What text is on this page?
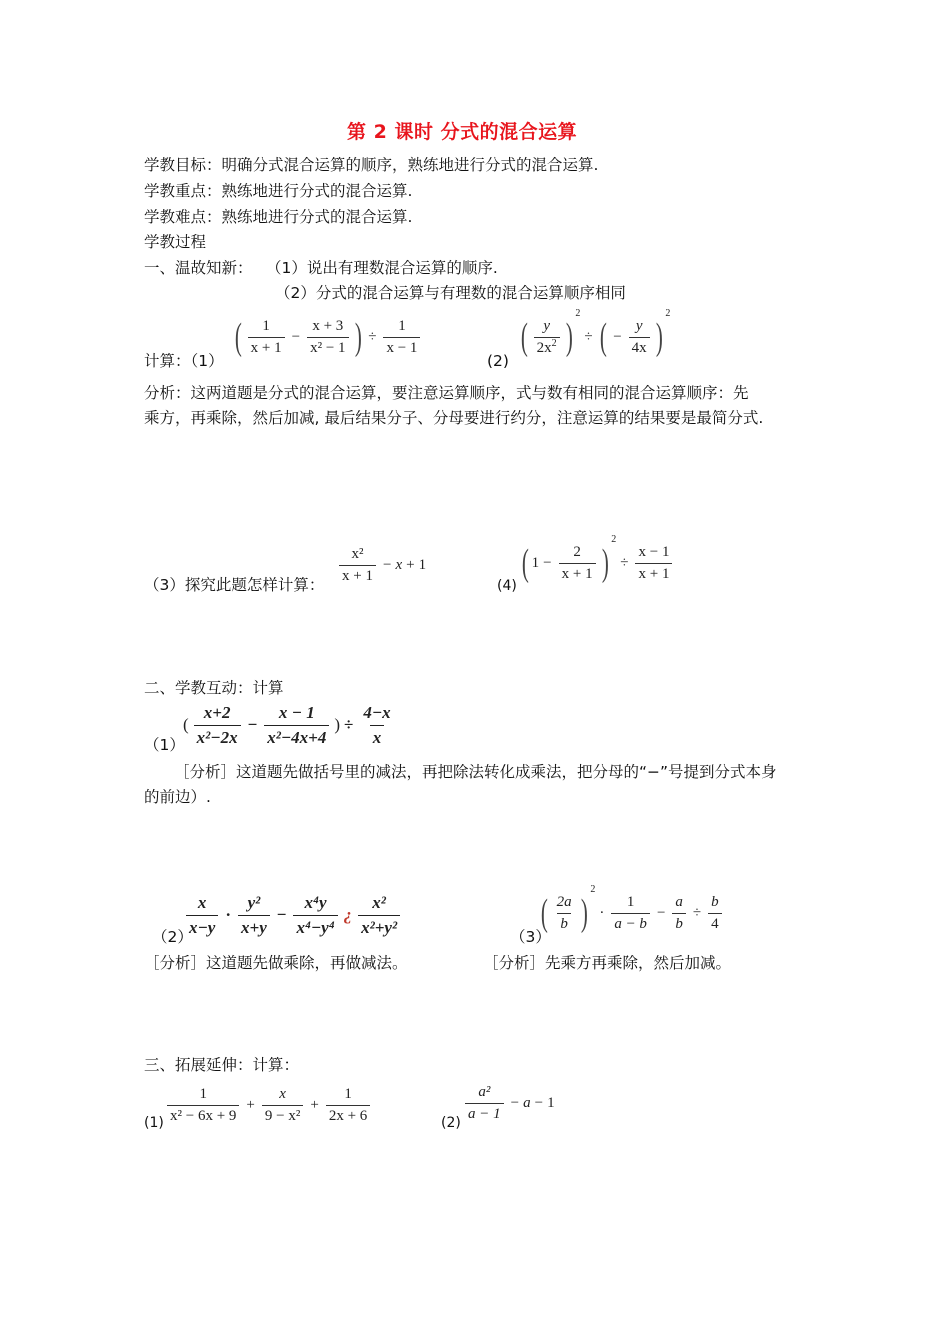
第 2 课时 分式的混合运算
学教目标：明确分式混合运算的顺序，熟练地进行分式的混合运算.
学教重点：熟练地进行分式的混合运算.
学教难点：熟练地进行分式的混合运算.
学教过程
一、温故知新： （1）说出有理数混合运算的顺序.
（2）分式的混合运算与有理数的混合运算顺序相同
计算：（1）
( $\frac{1}{x + 1} - \frac{x + 3}{\text{x² − 1}}$ ) ÷ $\frac{1}{x - 1}$
(2)
( $\frac{y}{2x^2}$ )
2
÷ ( − $\frac{y}{4x}$ )
2
分析：这两道题是分式的混合运算，要注意运算顺序，式与数有相同的混合运算顺序：先
乘方，再乘除，然后加减, 最后结果分子、分母要进行约分，注意运算的结果要是最简分式.
（3）探究此题怎样计算：
$\frac{\text{x²}}{x + 1} - x + 1$
(4)
( $1 - \frac{2}{x + 1}$ )
2
÷ $\frac{x - 1}{x + 1}$
二、学教互动：计算
（1）
( $\frac{x+2}{\text{x²−2x}} - \frac{x - 1}{\text{x²−4x+4}}$ ) ÷ $\frac{4-x}{x}$
［分析］这道题先做括号里的减法，再把除法转化成乘法，把分母的“−”号提到分式本身
的前边）.
（2）
$\frac{x}{x-y} \cdot \frac{\text{y²}}{x+y} - \frac{\text{x⁴y}}{\text{x⁴−y⁴}}$ ¿ $\frac{\text{x²}}{\text{x²+y²}}$	（3）
( $\frac{2a}{b}$ )
2
· $\frac{1}{a - b} - \frac{a}{b} \div \frac{b}{4}$
［分析］这道题先做乘除，再做减法。	［分析］先乘方再乘除，然后加减。
三、拓展延伸：计算：
$(1) \frac{1}{\text{x² − 6x + 9}} + \frac{x}{\text{9 − x²}} + \frac{1}{2x + 6}$	(2)
$\frac{\text{a²}}{a - 1} - a - 1$
